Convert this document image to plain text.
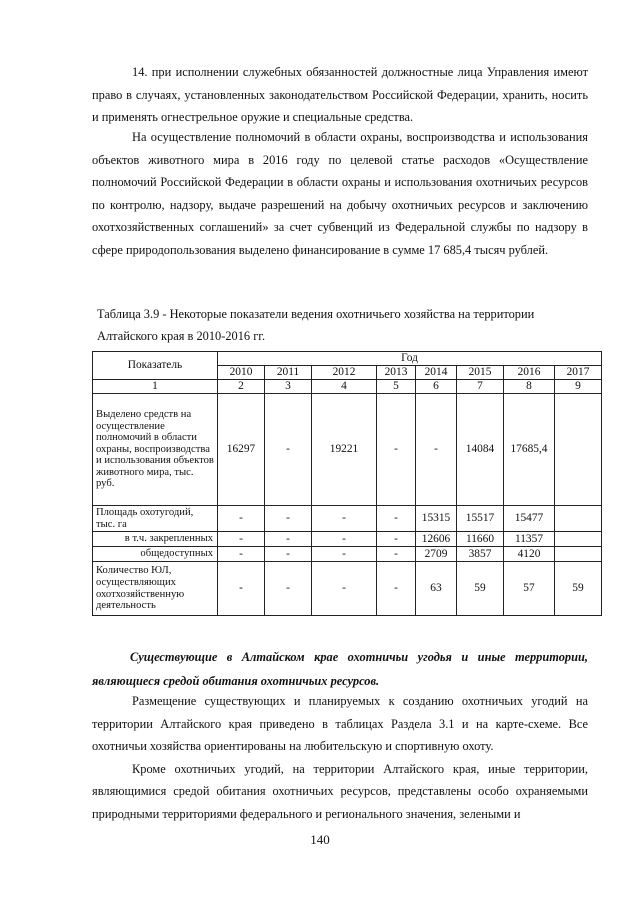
14. при исполнении служебных обязанностей должностные лица Управления имеют право в случаях, установленных законодательством Российской Федерации, хранить, носить и применять огнестрельное оружие и специальные средства.

На осуществление полномочий в области охраны, воспроизводства и использования объектов животного мира в 2016 году по целевой статье расходов «Осуществление полномочий Российской Федерации в области охраны и использования охотничьих ресурсов по контролю, надзору, выдаче разрешений на добычу охотничьих ресурсов и заключению охотхозяйственных соглашений» за счет субвенций из Федеральной службы по надзору в сфере природопользования выделено финансирование в сумме 17 685,4 тысяч рублей.

Таблица 3.9 - Некоторые показатели ведения охотничьего хозяйства на территории Алтайского края в 2010-2016 гг.

Показатель	Год							
	2010	2011	2012	2013	2014	2015	2016	2017
1	2	3	4	5	6	7	8	9
Выделено средств на осуществление полномочий в области охраны, воспроизводства и использования объектов животного мира, тыс. руб.	16297	-	19221	-	-	14084	17685,4	
Площадь охотугодий, тыс. га	-	-	-	-	15315	15517	15477	
в т.ч. закрепленных	-	-	-	-	12606	11660	11357	
общедоступных	-	-	-	-	2709	3857	4120	
Количество ЮЛ, осуществляющих охотхозяйственную деятельность	-	-	-	-	63	59	57	59

Существующие в Алтайском крае охотничьи угодья и иные территории, являющиеся средой обитания охотничьих ресурсов.

Размещение существующих и планируемых к созданию охотничьих угодий на территории Алтайского края приведено в таблицах Раздела 3.1 и на карте-схеме. Все охотничьи хозяйства ориентированы на любительскую и спортивную охоту.
Кроме охотничьих угодий, на территории Алтайского края, иные территории, являющимися средой обитания охотничьих ресурсов, представлены особо охраняемыми природными территориями федерального и регионального значения, зелеными и

140
